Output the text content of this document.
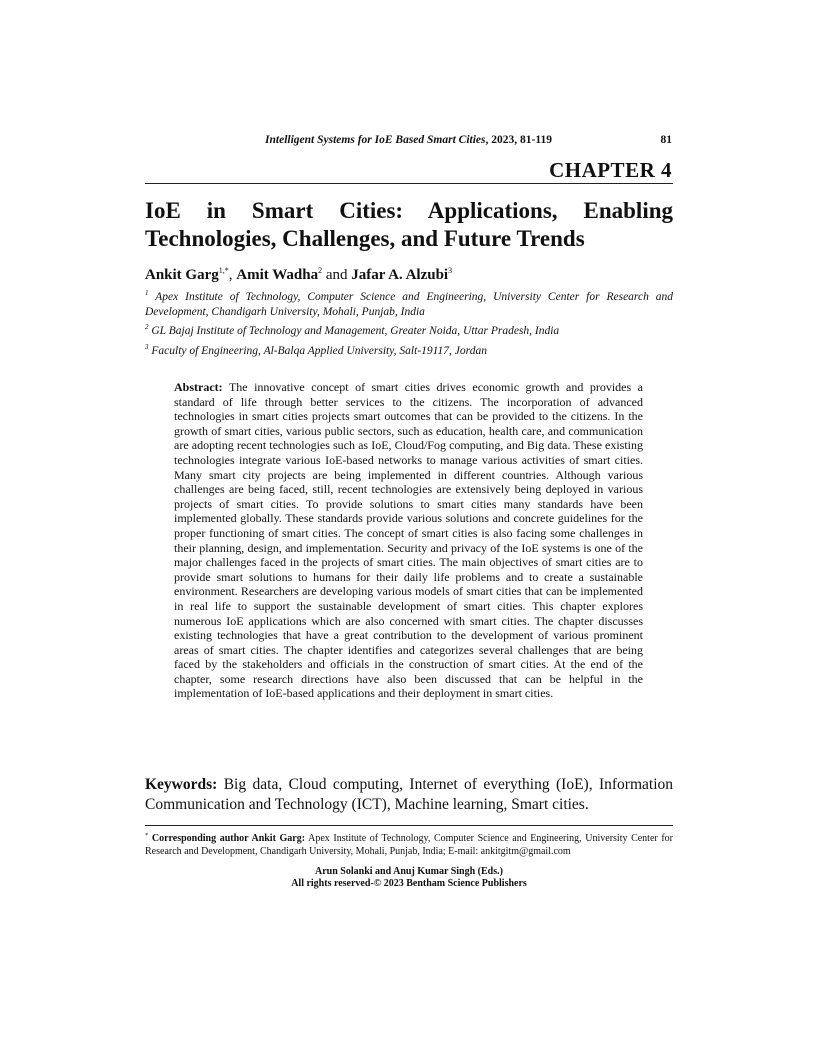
Intelligent Systems for IoE Based Smart Cities, 2023, 81-119	81
CHAPTER 4
IoE in Smart Cities: Applications, Enabling Technologies, Challenges, and Future Trends
Ankit Garg$^{1,*}$, Amit Wadha$^2$ and Jafar A. Alzubi$^3$
$^1$ Apex Institute of Technology, Computer Science and Engineering, University Center for Research and Development, Chandigarh University, Mohali, Punjab, India
$^2$ GL Bajaj Institute of Technology and Management, Greater Noida, Uttar Pradesh, India
$^3$ Faculty of Engineering, Al-Balqa Applied University, Salt-19117, Jordan
Abstract: The innovative concept of smart cities drives economic growth and provides a standard of life through better services to the citizens. The incorporation of advanced technologies in smart cities projects smart outcomes that can be provided to the citizens. In the growth of smart cities, various public sectors, such as education, health care, and communication are adopting recent technologies such as IoE, Cloud/Fog computing, and Big data. These existing technologies integrate various IoE-based networks to manage various activities of smart cities. Many smart city projects are being implemented in different countries. Although various challenges are being faced, still, recent technologies are extensively being deployed in various projects of smart cities. To provide solutions to smart cities many standards have been implemented globally. These standards provide various solutions and concrete guidelines for the proper functioning of smart cities. The concept of smart cities is also facing some challenges in their planning, design, and implementation. Security and privacy of the IoE systems is one of the major challenges faced in the projects of smart cities. The main objectives of smart cities are to provide smart solutions to humans for their daily life problems and to create a sustainable environment. Researchers are developing various models of smart cities that can be implemented in real life to support the sustainable development of smart cities. This chapter explores numerous IoE applications which are also concerned with smart cities. The chapter discusses existing technologies that have a great contribution to the development of various prominent areas of smart cities. The chapter identifies and categorizes several challenges that are being faced by the stakeholders and officials in the construction of smart cities. At the end of the chapter, some research directions have also been discussed that can be helpful in the implementation of IoE-based applications and their deployment in smart cities.
Keywords: Big data, Cloud computing, Internet of everything (IoE), Information Communication and Technology (ICT), Machine learning, Smart cities.
* Corresponding author Ankit Garg: Apex Institute of Technology, Computer Science and Engineering, University Center for Research and Development, Chandigarh University, Mohali, Punjab, India; E-mail: ankitgitm@gmail.com
Arun Solanki and Anuj Kumar Singh (Eds.)
All rights reserved-© 2023 Bentham Science Publishers
